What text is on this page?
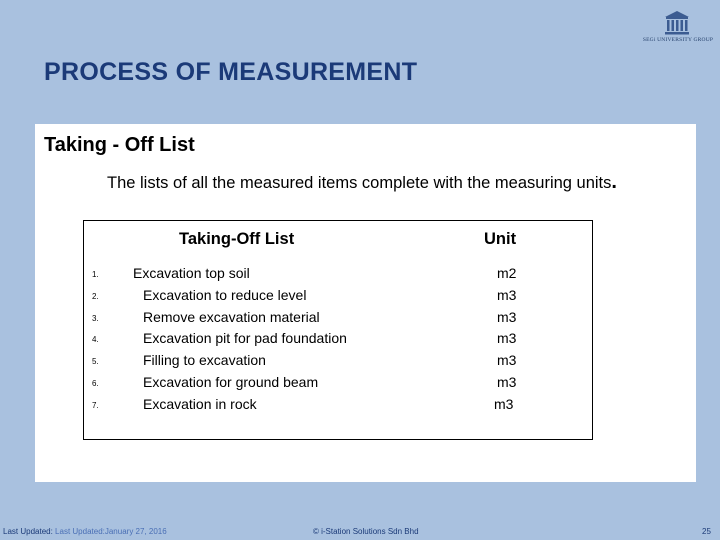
SEGi UNIVERSITY GROUP
PROCESS OF MEASUREMENT
Taking - Off List
The lists of all the measured items complete with the measuring units.
Taking-Off List	Unit
1. Excavation top soil	m2
2.	Excavation to reduce level	m3
3.	Remove excavation material	m3
4.	Excavation pit for pad foundation	m3
5.	Filling to excavation	m3
6.	Excavation for ground beam	m3
7.	Excavation in rock	m3
Last Updated: Last Updated:January 27, 2016	© i-Station Solutions Sdn Bhd	25
